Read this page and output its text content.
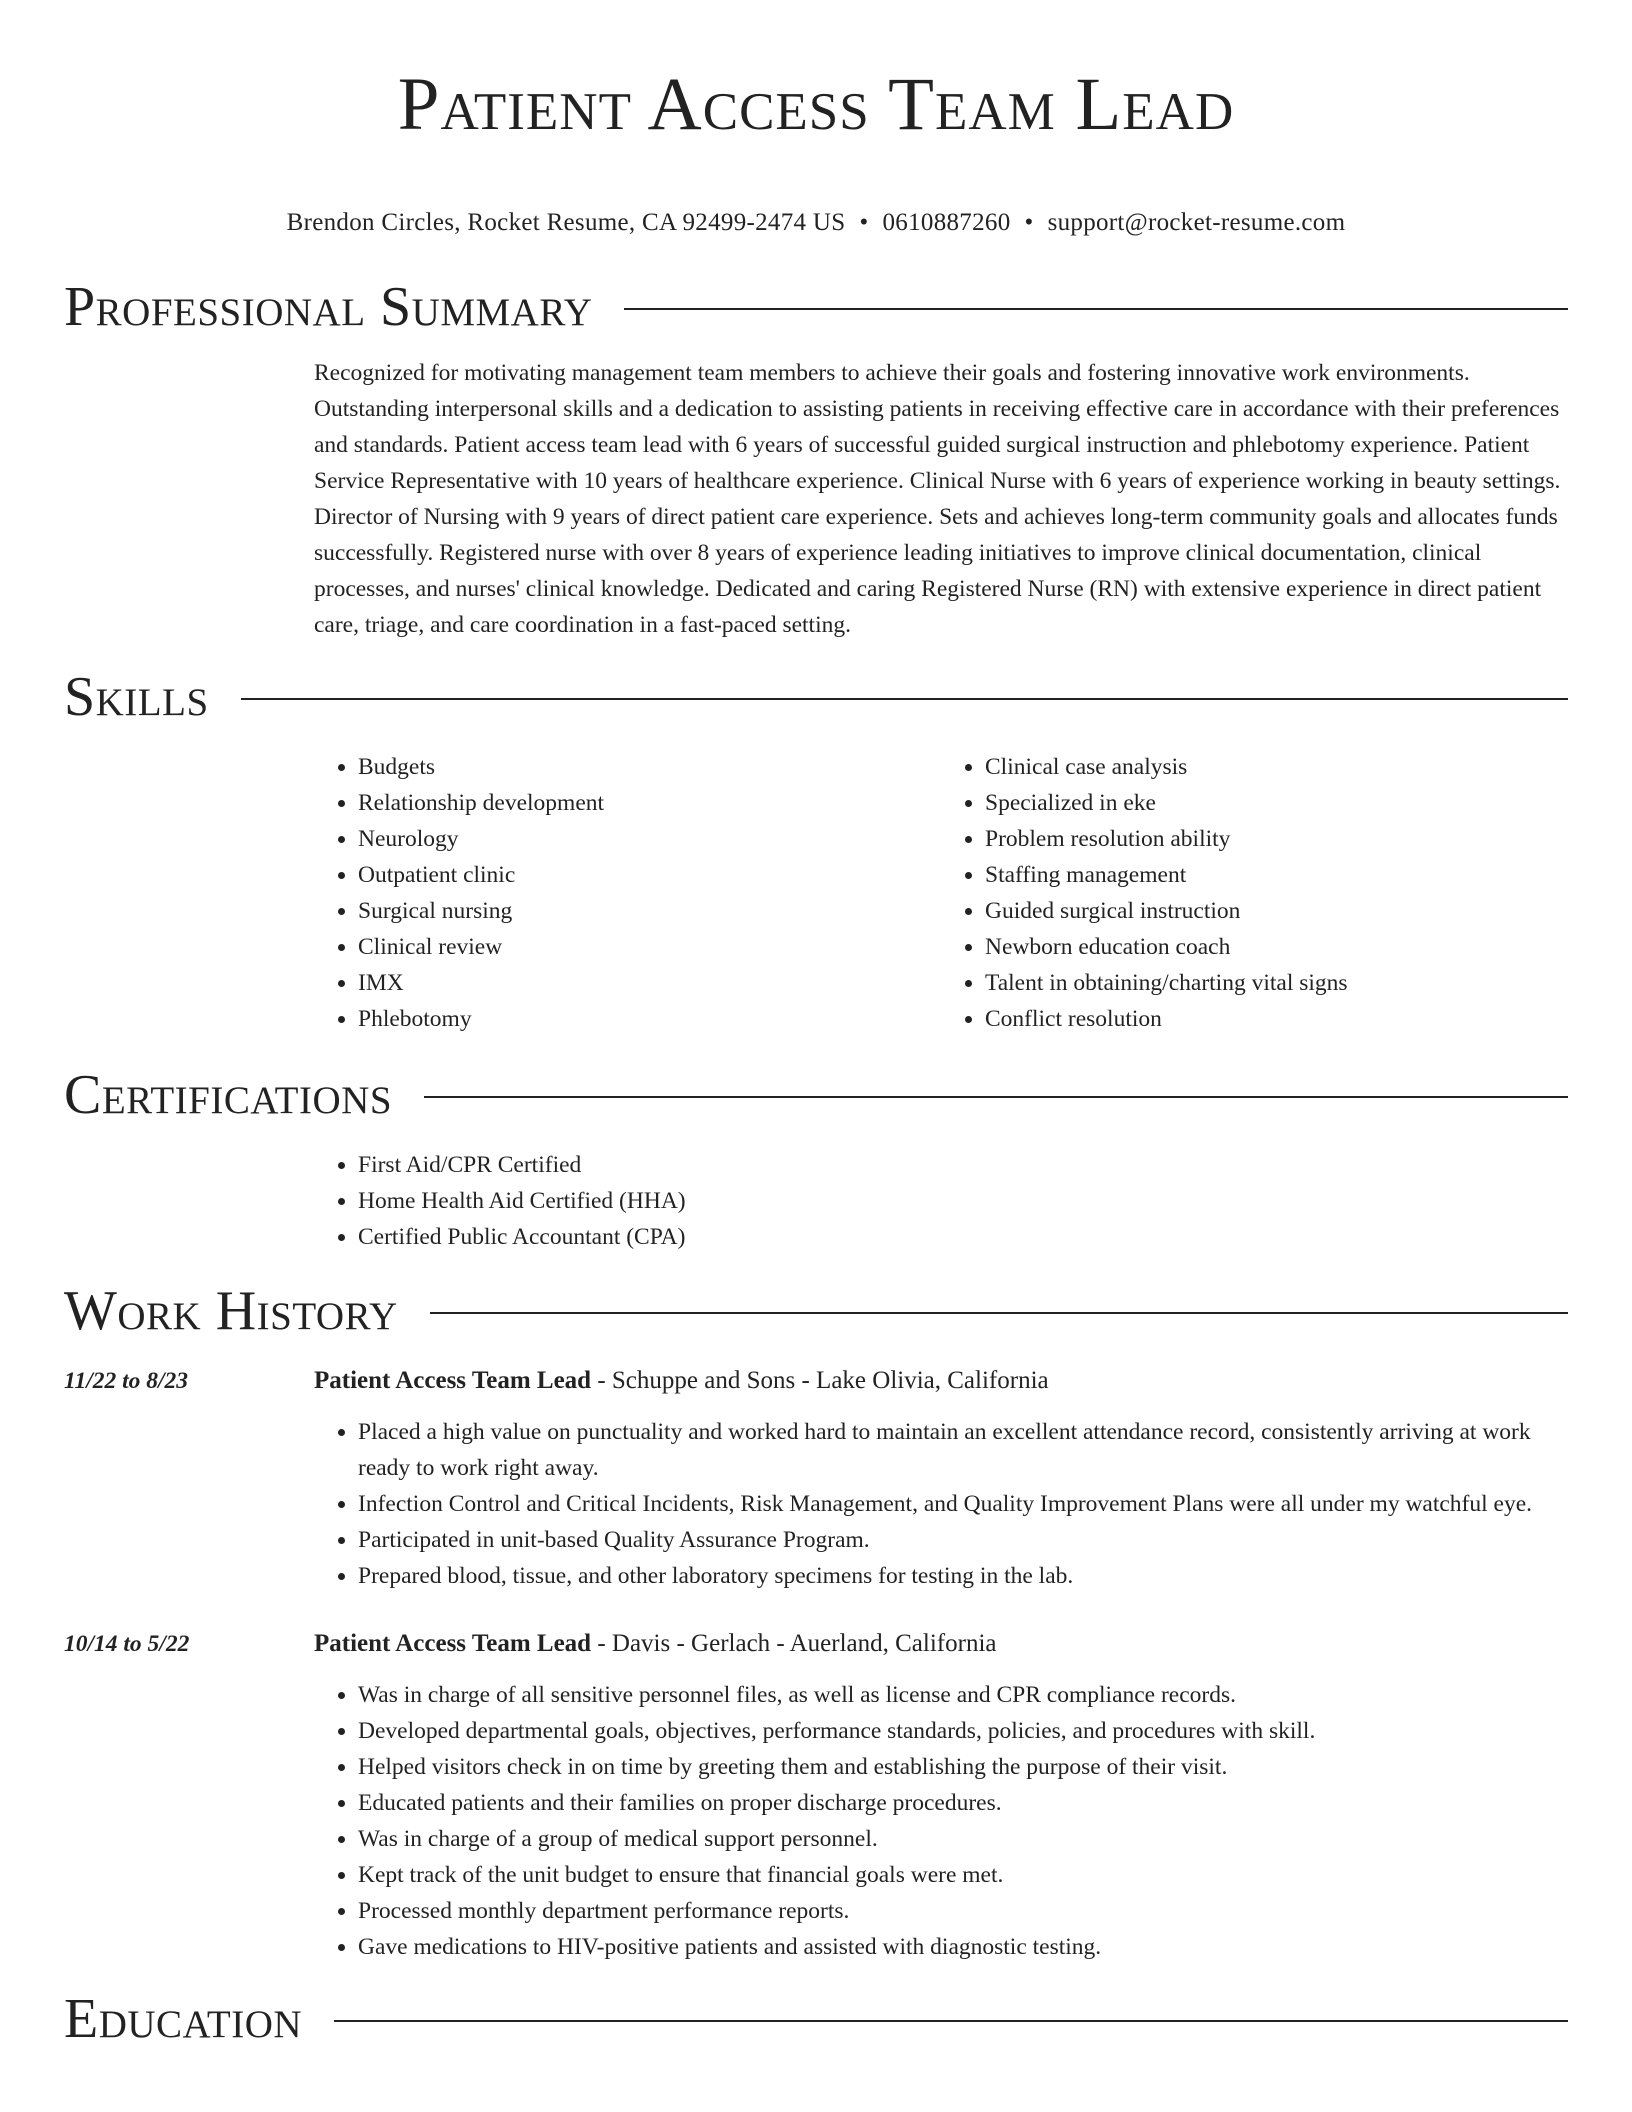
Patient Access Team Lead
Brendon Circles, Rocket Resume, CA 92499-2474 US • 0610887260 • support@rocket-resume.com
Professional Summary

Recognized for motivating management team members to achieve their goals and fostering innovative work environments. Outstanding interpersonal skills and a dedication to assisting patients in receiving effective care in accordance with their preferences and standards. Patient access team lead with 6 years of successful guided surgical instruction and phlebotomy experience. Patient Service Representative with 10 years of healthcare experience. Clinical Nurse with 6 years of experience working in beauty settings. Director of Nursing with 9 years of direct patient care experience. Sets and achieves long-term community goals and allocates funds successfully. Registered nurse with over 8 years of experience leading initiatives to improve clinical documentation, clinical processes, and nurses' clinical knowledge. Dedicated and caring Registered Nurse (RN) with extensive experience in direct patient care, triage, and care coordination in a fast-paced setting.

Skills
• Budgets
• Relationship development
• Neurology
• Outpatient clinic
• Surgical nursing
• Clinical review
• IMX
• Phlebotomy
• Clinical case analysis
• Specialized in eke
• Problem resolution ability
• Staffing management
• Guided surgical instruction
• Newborn education coach
• Talent in obtaining/charting vital signs
• Conflict resolution
Certifications
• First Aid/CPR Certified
• Home Health Aid Certified (HHA)
• Certified Public Accountant (CPA)
Work History
11/22 to 8/23	Patient Access Team Lead - Schuppe and Sons - Lake Olivia, California
• Placed a high value on punctuality and worked hard to maintain an excellent attendance record, consistently arriving at work ready to work right away.
• Infection Control and Critical Incidents, Risk Management, and Quality Improvement Plans were all under my watchful eye.
• Participated in unit-based Quality Assurance Program.
• Prepared blood, tissue, and other laboratory specimens for testing in the lab.
10/14 to 5/22	Patient Access Team Lead - Davis - Gerlach - Auerland, California
• Was in charge of all sensitive personnel files, as well as license and CPR compliance records.
• Developed departmental goals, objectives, performance standards, policies, and procedures with skill.
• Helped visitors check in on time by greeting them and establishing the purpose of their visit.
• Educated patients and their families on proper discharge procedures.
• Was in charge of a group of medical support personnel.
• Kept track of the unit budget to ensure that financial goals were met.
• Processed monthly department performance reports.
• Gave medications to HIV-positive patients and assisted with diagnostic testing.
Education
